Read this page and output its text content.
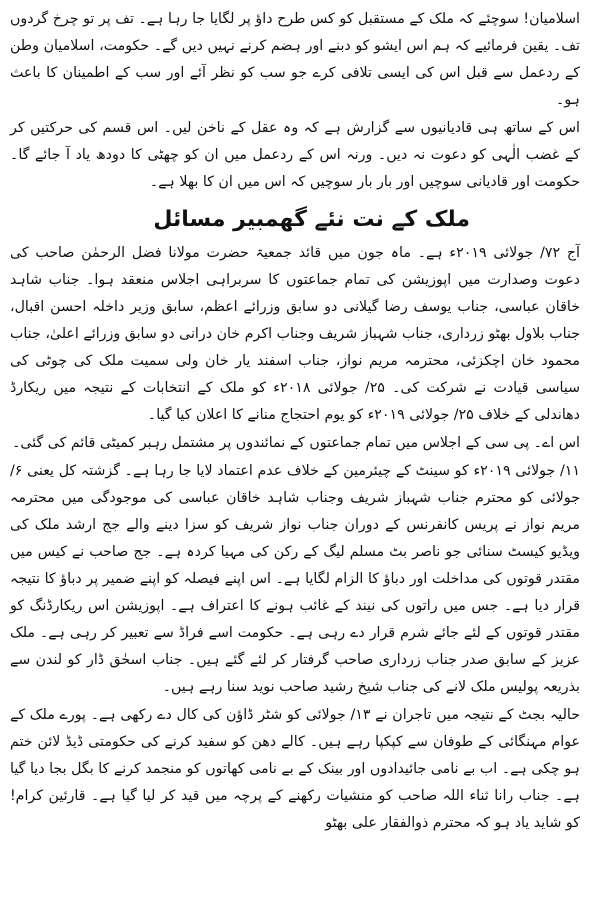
اسلامیان! سوچئے کہ ملک کے مستقبل کو کس طرح داؤ پر لگایا جا رہا ہے۔ تف پر تو چرخ گردوں تف۔ یقین فرمائیے کہ ہم اس ایشو کو دبنے اور ہضم کرنے نہیں دیں گے۔ حکومت، اسلامیان وطن کے ردعمل سے قبل اس کی ایسی تلافی کرے جو سب کو نظر آئے اور سب کے اطمینان کا باعث ہو۔

اس کے ساتھ ہی قادیانیوں سے گزارش ہے کہ وہ عقل کے ناخن لیں۔ اس قسم کی حرکتیں کر کے غضب الٰہی کو دعوت نہ دیں۔ ورنہ اس کے ردعمل میں ان کو چھٹی کا دودھ یاد آ جائے گا۔ حکومت اور قادیانی سوچیں اور بار بار سوچیں کہ اس میں ان کا بھلا ہے۔

ملک کے نت نئے گھمبیر مسائل

آج ۷۲/ جولائی ۲۰۱۹ء ہے۔ ماہ جون میں قائد جمعیۃ حضرت مولانا فضل الرحمٰن صاحب کی دعوت وصدارت میں اپوزیشن کی تمام جماعتوں کا سربراہی اجلاس منعقد ہوا۔ جناب شاہد خاقان عباسی، جناب یوسف رضا گیلانی دو سابق وزرائے اعظم، سابق وزیر داخلہ احسن اقبال، جناب بلاول بھٹو زرداری، جناب شہباز شریف وجناب اکرم خان درانی دو سابق وزرائے اعلیٰ، جناب محمود خان اچکزئی، محترمہ مریم نواز، جناب اسفند یار خان ولی سمیت ملک کی چوٹی کی سیاسی قیادت نے شرکت کی۔ ۲۵/ جولائی ۲۰۱۸ء کو ملک کے انتخابات کے نتیجہ میں ریکارڈ دھاندلی کے خلاف ۲۵/ جولائی ۲۰۱۹ء کو یوم احتجاج منانے کا اعلان کیا گیا۔

اس اے۔ پی سی کے اجلاس میں تمام جماعتوں کے نمائندوں پر مشتمل رہبر کمیٹی قائم کی گئی۔

۱۱/ جولائی ۲۰۱۹ء کو سینٹ کے چیئرمین کے خلاف عدم اعتماد لایا جا رہا ہے۔ گزشتہ کل یعنی ۶/ جولائی کو محترم جناب شہباز شریف وجناب شاہد خاقان عباسی کی موجودگی میں محترمہ مریم نواز نے پریس کانفرنس کے دوران جناب نواز شریف کو سزا دینے والے جج ارشد ملک کی ویڈیو کیسٹ سنائی جو ناصر بٹ مسلم لیگ کے رکن کی مہیا کردہ ہے۔ جج صاحب نے کیس میں مقتدر قوتوں کی مداخلت اور دباؤ کا الزام لگایا ہے۔ اس اپنے فیصلہ کو اپنے ضمیر پر دباؤ کا نتیجہ قرار دیا ہے۔ جس میں راتوں کی نیند کے غائب ہونے کا اعتراف ہے۔ اپوزیشن اس ریکارڈنگ کو مقتدر قوتوں کے لئے جائے شرم قرار دے رہی ہے۔ حکومت اسے فراڈ سے تعبیر کر رہی ہے۔ ملک عزیز کے سابق صدر جناب زرداری صاحب گرفتار کر لئے گئے ہیں۔ جناب اسحٰق ڈار کو لندن سے بذریعہ پولیس ملک لانے کی جناب شیخ رشید صاحب نوید سنا رہے ہیں۔

حالیہ بجٹ کے نتیجہ میں تاجران نے ۱۳/ جولائی کو شٹر ڈاؤن کی کال دے رکھی ہے۔ پورے ملک کے عوام مہنگائی کے طوفان سے کپکپا رہے ہیں۔ کالے دھن کو سفید کرنے کی حکومتی ڈیڈ لائن ختم ہو چکی ہے۔ اب بے نامی جائیدادوں اور بینک کے بے نامی کھاتوں کو منجمد کرنے کا بگل بجا دیا گیا ہے۔ جناب رانا ثناء اللہ صاحب کو منشیات رکھنے کے پرچہ میں قید کر لیا گیا ہے۔ قارئین کرام! کو شاید یاد ہو کہ محترم ذوالفقار علی بھٹو
